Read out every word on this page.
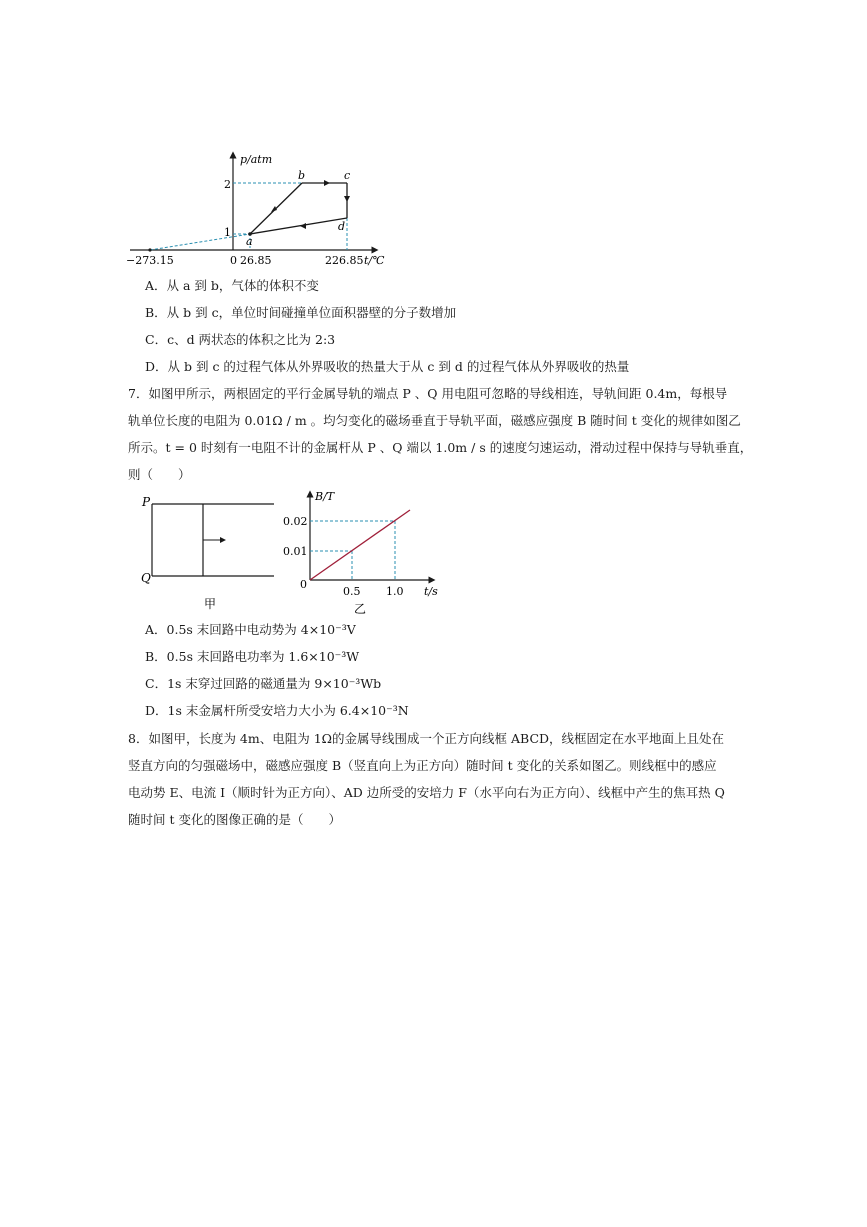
p/atm
2
1
a
b	c
d
−273.15	0 26.85	226.85 t/℃
A．从 a 到 b，气体的体积不变
B．从 b 到 c，单位时间碰撞单位面积器壁的分子数增加
C．c、d 两状态的体积之比为 2:3
D．从 b 到 c 的过程气体从外界吸收的热量大于从 c 到 d 的过程气体从外界吸收的热量
7．如图甲所示，两根固定的平行金属导轨的端点 P 、Q 用电阻可忽略的导线相连，导轨间距 0.4m，每根导
轨单位长度的电阻为 0.01Ω / m 。均匀变化的磁场垂直于导轨平面，磁感应强度 B 随时间 t 变化的规律如图乙
所示。t = 0 时刻有一电阻不计的金属杆从 P 、Q 端以 1.0m / s 的速度匀速运动，滑动过程中保持与导轨垂直，
则（　　）
P
Q
甲
B/T
0.02
0.01
0
0.5 1.0 t/s
乙
A．0.5s 末回路中电动势为 4×10⁻³V
B．0.5s 末回路电功率为 1.6×10⁻³W
C．1s 末穿过回路的磁通量为 9×10⁻³Wb
D．1s 末金属杆所受安培力大小为 6.4×10⁻³N
8．如图甲，长度为 4m、电阻为 1Ω的金属导线围成一个正方向线框 ABCD，线框固定在水平地面上且处在
竖直方向的匀强磁场中，磁感应强度 B（竖直向上为正方向）随时间 t 变化的关系如图乙。则线框中的感应
电动势 E、电流 I（顺时针为正方向）、AD 边所受的安培力 F（水平向右为正方向）、线框中产生的焦耳热 Q
随时间 t 变化的图像正确的是（　　）
